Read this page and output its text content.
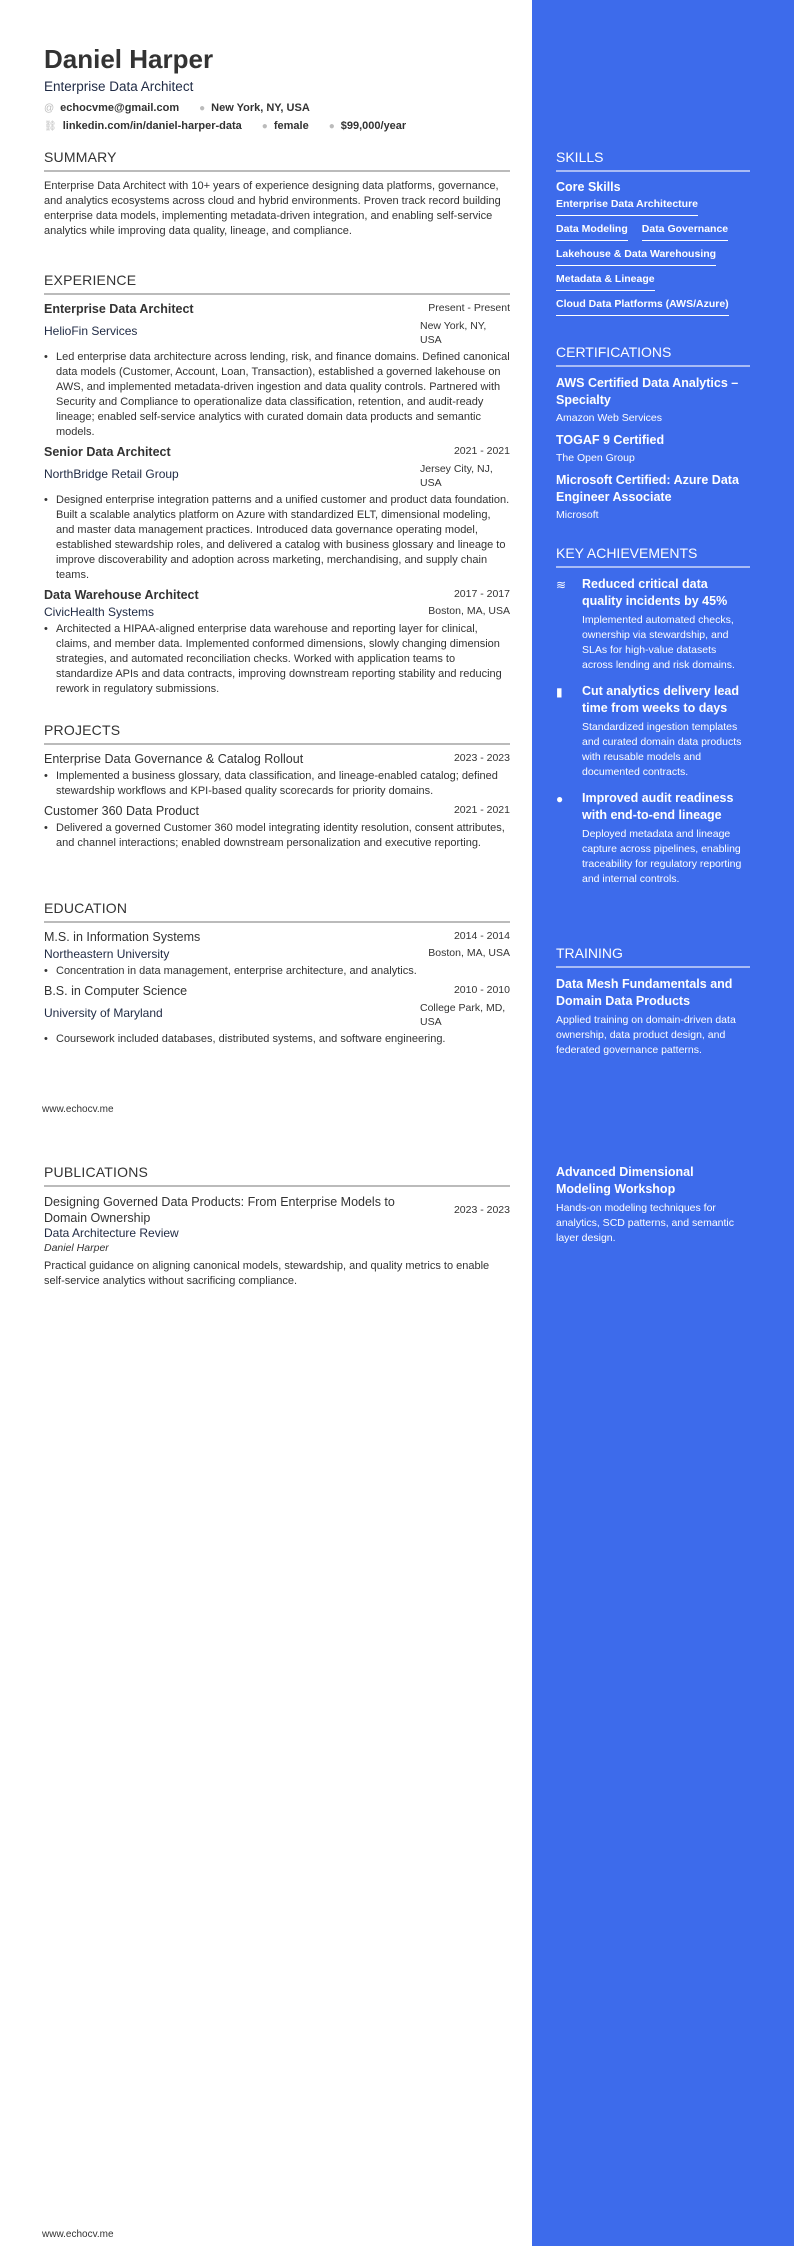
Daniel Harper
Enterprise Data Architect
@ echocvme@gmail.com ● New York, NY, USA
⛓ linkedin.com/in/daniel-harper-data ● female ● $99,000/year
SUMMARY
Enterprise Data Architect with 10+ years of experience designing data platforms, governance, and analytics ecosystems across cloud and hybrid environments. Proven track record building enterprise data models, implementing metadata-driven integration, and enabling self-service analytics while improving data quality, lineage, and compliance.
EXPERIENCE
Enterprise Data Architect	Present - Present
HelioFin Services	New York, NY, USA
• Led enterprise data architecture across lending, risk, and finance domains. Defined canonical data models (Customer, Account, Loan, Transaction), established a governed lakehouse on AWS, and implemented metadata-driven ingestion and data quality controls. Partnered with Security and Compliance to operationalize data classification, retention, and audit-ready lineage; enabled self-service analytics with curated domain data products and semantic models.
Senior Data Architect	2021 - 2021
NorthBridge Retail Group	Jersey City, NJ, USA
• Designed enterprise integration patterns and a unified customer and product data foundation. Built a scalable analytics platform on Azure with standardized ELT, dimensional modeling, and master data management practices. Introduced data governance operating model, established stewardship roles, and delivered a catalog with business glossary and lineage to improve discoverability and adoption across marketing, merchandising, and supply chain teams.
Data Warehouse Architect	2017 - 2017
CivicHealth Systems	Boston, MA, USA
• Architected a HIPAA-aligned enterprise data warehouse and reporting layer for clinical, claims, and member data. Implemented conformed dimensions, slowly changing dimension strategies, and automated reconciliation checks. Worked with application teams to standardize APIs and data contracts, improving downstream reporting stability and reducing rework in regulatory submissions.
PROJECTS
Enterprise Data Governance & Catalog Rollout	2023 - 2023
• Implemented a business glossary, data classification, and lineage-enabled catalog; defined stewardship workflows and KPI-based quality scorecards for priority domains.
Customer 360 Data Product	2021 - 2021
• Delivered a governed Customer 360 model integrating identity resolution, consent attributes, and channel interactions; enabled downstream personalization and executive reporting.
EDUCATION
M.S. in Information Systems	2014 - 2014
Northeastern University	Boston, MA, USA
• Concentration in data management, enterprise architecture, and analytics.
B.S. in Computer Science	2010 - 2010
University of Maryland	College Park, MD, USA
• Coursework included databases, distributed systems, and software engineering.
www.echocv.me
PUBLICATIONS
Designing Governed Data Products: From Enterprise Models to Domain Ownership
2023 - 2023
Data Architecture Review
Daniel Harper
Practical guidance on aligning canonical models, stewardship, and quality metrics to enable self-service analytics without sacrificing compliance.
www.echocv.me
SKILLS
Core Skills
Enterprise Data Architecture
Data Modeling Data Governance
Lakehouse & Data Warehousing
Metadata & Lineage
Cloud Data Platforms (AWS/Azure)
CERTIFICATIONS
AWS Certified Data Analytics – Specialty
Amazon Web Services
TOGAF 9 Certified
The Open Group
Microsoft Certified: Azure Data Engineer Associate
Microsoft
KEY ACHIEVEMENTS
≋	Reduced critical data quality incidents by 45%
Implemented automated checks, ownership via stewardship, and SLAs for high-value datasets across lending and risk domains.
▮	Cut analytics delivery lead time from weeks to days
Standardized ingestion templates and curated domain data products with reusable models and documented contracts.
●	Improved audit readiness with end-to-end lineage
Deployed metadata and lineage capture across pipelines, enabling traceability for regulatory reporting and internal controls.
TRAINING
Data Mesh Fundamentals and Domain Data Products
Applied training on domain-driven data ownership, data product design, and federated governance patterns.
Advanced Dimensional Modeling Workshop
Hands-on modeling techniques for analytics, SCD patterns, and semantic layer design.
